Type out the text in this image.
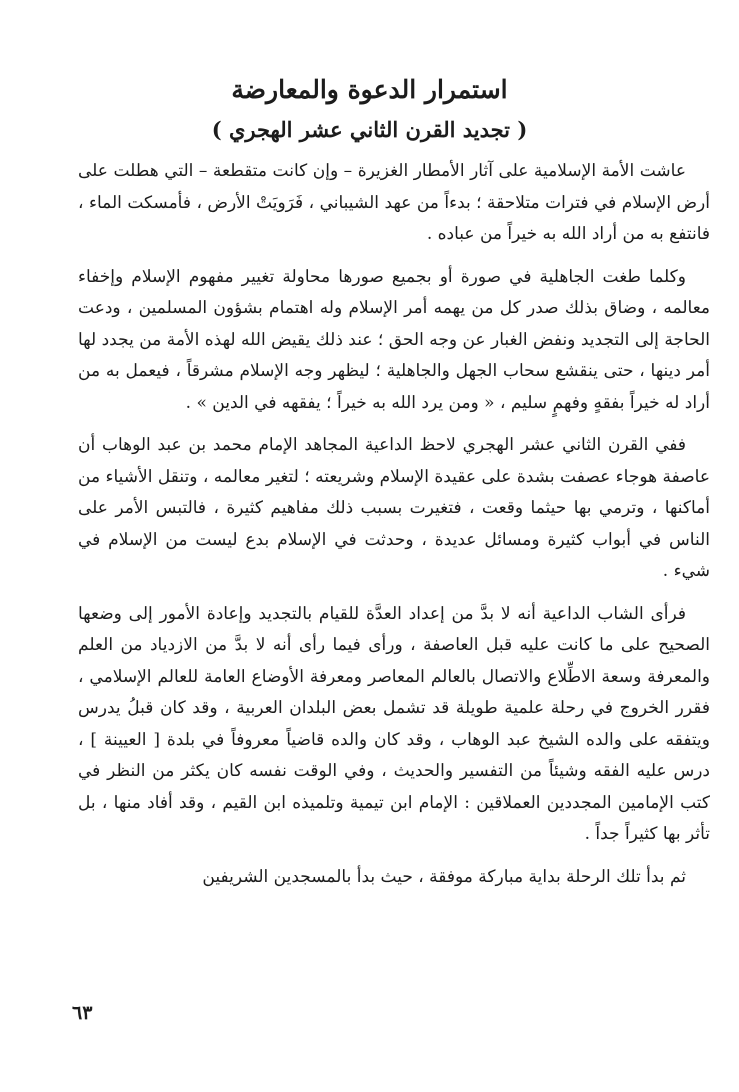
استمرار الدعوة والمعارضة
( تجديد القرن الثاني عشر الهجري )

عاشت الأمة الإسلامية على آثار الأمطار الغزيرة – وإن كانت متقطعة – التي هطلت على أرض الإسلام في فترات متلاحقة ؛ بدءاً من عهد الشيباني ، فَرَويَتْ الأرض ، فأمسكت الماء ، فانتفع به من أراد الله به خيراً من عباده .

وكلما طغت الجاهلية في صورة أو بجميع صورها محاولة تغيير مفهوم الإسلام وإخفاء معالمه ، وضاق بذلك صدر كل من يهمه أمر الإسلام وله اهتمام بشؤون المسلمين ، ودعت الحاجة إلى التجديد ونفض الغبار عن وجه الحق ؛ عند ذلك يقيض الله لهذه الأمة من يجدد لها أمر دينها ، حتى ينقشع سحاب الجهل والجاهلية ؛ ليظهر وجه الإسلام مشرقاً ، فيعمل به من أراد له خيراً بفقهٍ وفهمٍ سليم ، « ومن يرد الله به خيراً ؛ يفقهه في الدين » .

ففي القرن الثاني عشر الهجري لاحظ الداعية المجاهد الإمام محمد بن عبد الوهاب أن عاصفة هوجاء عصفت بشدة على عقيدة الإسلام وشريعته ؛ لتغير معالمه ، وتنقل الأشياء من أماكنها ، وترمي بها حيثما وقعت ، فتغيرت بسبب ذلك مفاهيم كثيرة ، فالتبس الأمر على الناس في أبواب كثيرة ومسائل عديدة ، وحدثت في الإسلام بدع ليست من الإسلام في شيء .

فرأى الشاب الداعية أنه لا بدَّ من إعداد العدَّة للقيام بالتجديد وإعادة الأمور إلى وضعها الصحيح على ما كانت عليه قبل العاصفة ، ورأى فيما رأى أنه لا بدَّ من الازدياد من العلم والمعرفة وسعة الاطِّلاع والاتصال بالعالم المعاصر ومعرفة الأوضاع العامة للعالم الإسلامي ، فقرر الخروج في رحلة علمية طويلة قد تشمل بعض البلدان العربية ، وقد كان قبلُ يدرس ويتفقه على والده الشيخ عبد الوهاب ، وقد كان والده قاضياً معروفاً في بلدة [ العيينة ] ، درس عليه الفقه وشيئاً من التفسير والحديث ، وفي الوقت نفسه كان يكثر من النظر في كتب الإمامين المجددين العملاقين : الإمام ابن تيمية وتلميذه ابن القيم ، وقد أفاد منها ، بل تأثر بها كثيراً جداً .

ثم بدأ تلك الرحلة بداية مباركة موفقة ، حيث بدأ بالمسجدين الشريفين

٦٣
